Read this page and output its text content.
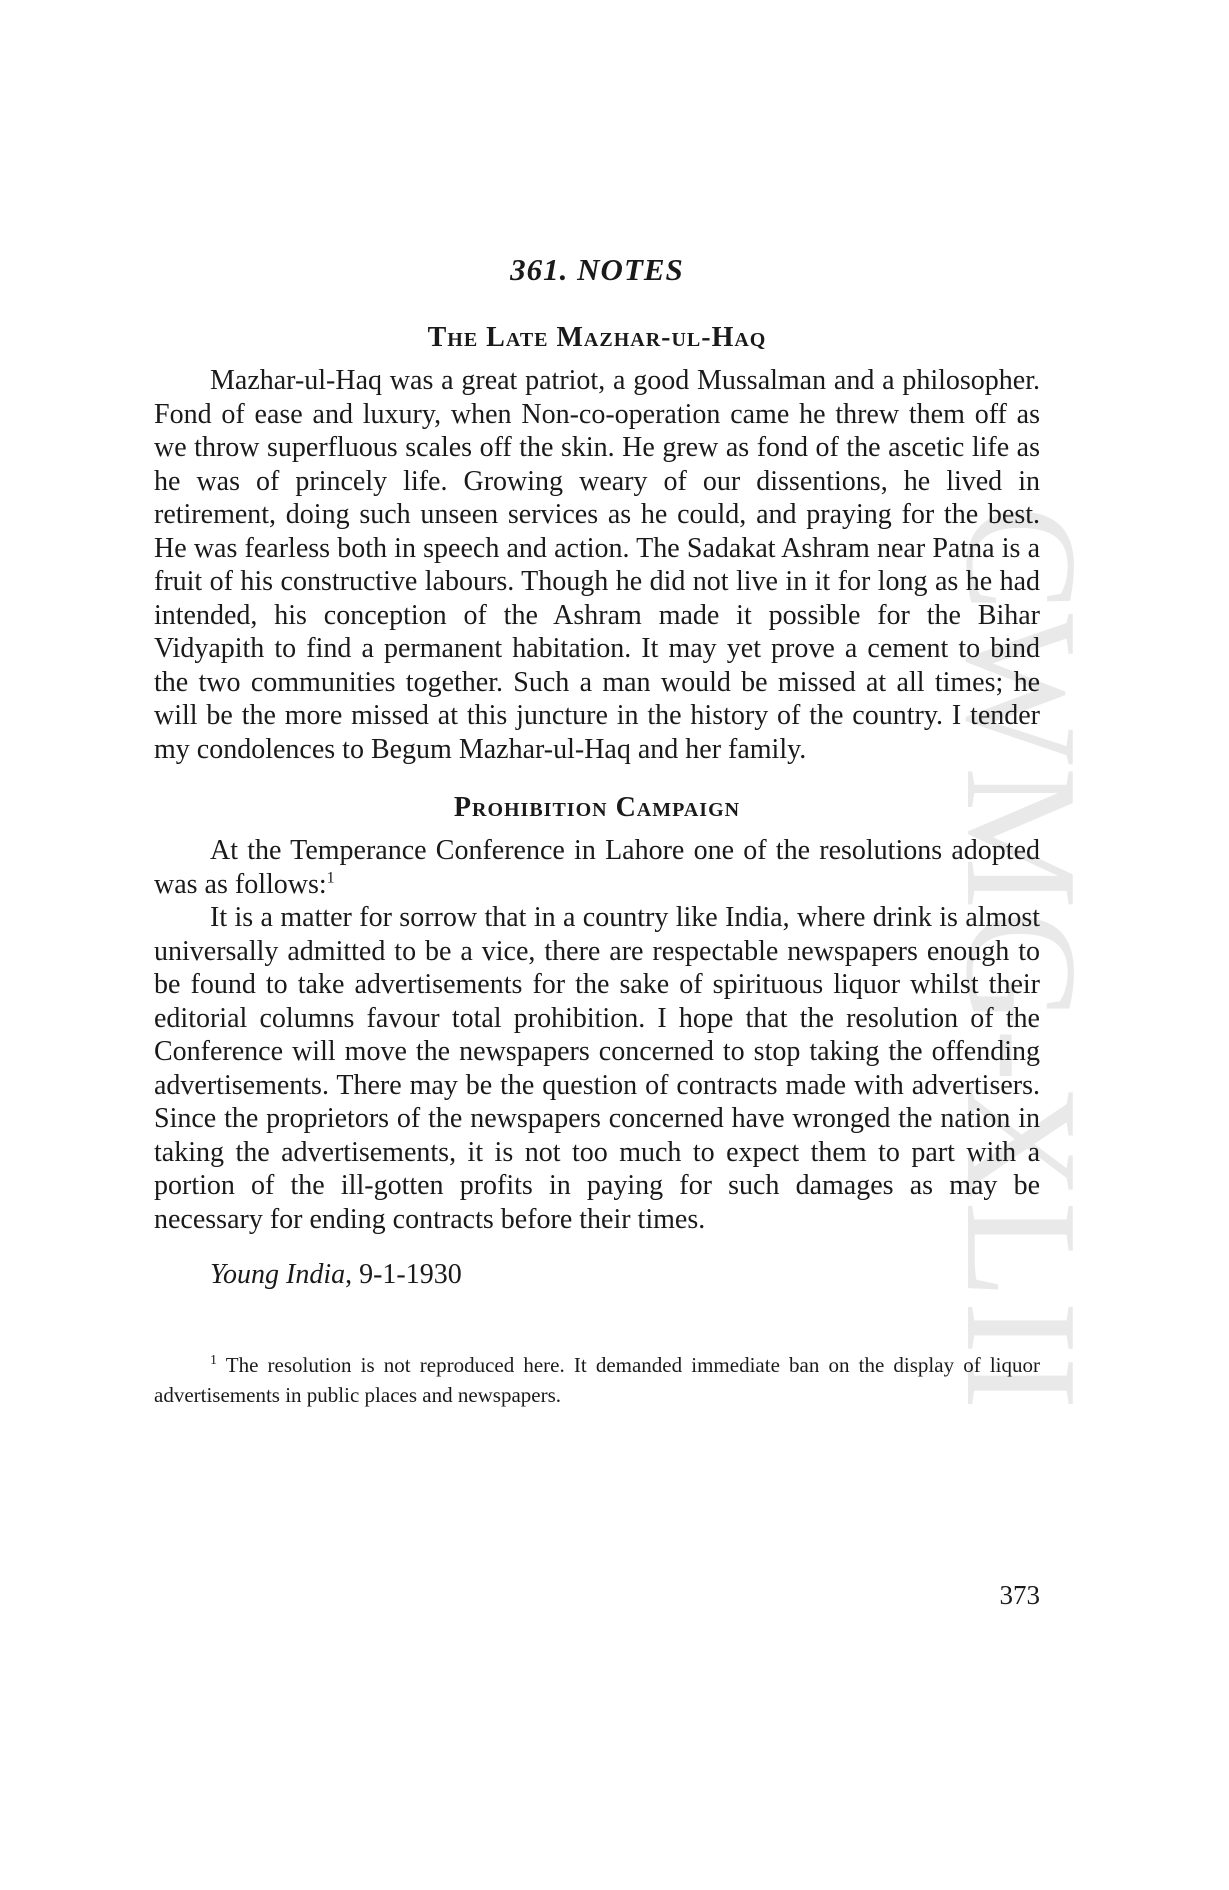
CWMG-XLII
361. NOTES
The Late Mazhar-ul-Haq

Mazhar-ul-Haq was a great patriot, a good Mussalman and a philosopher. Fond of ease and luxury, when Non-co-operation came he threw them off as we throw superfluous scales off the skin. He grew as fond of the ascetic life as he was of princely life. Growing weary of our dissentions, he lived in retirement, doing such unseen services as he could, and praying for the best. He was fearless both in speech and action. The Sadakat Ashram near Patna is a fruit of his constructive labours. Though he did not live in it for long as he had intended, his conception of the Ashram made it possible for the Bihar Vidyapith to find a permanent habitation. It may yet prove a cement to bind the two communities together. Such a man would be missed at all times; he will be the more missed at this juncture in the history of the country. I tender my condolences to Begum Mazhar-ul-Haq and her family.

Prohibition Campaign

At the Temperance Conference in Lahore one of the resolutions adopted was as follows:$^1$

It is a matter for sorrow that in a country like India, where drink is almost universally admitted to be a vice, there are respectable newspapers enough to be found to take advertisements for the sake of spirituous liquor whilst their editorial columns favour total prohibition. I hope that the resolution of the Conference will move the newspapers concerned to stop taking the offending advertisements. There may be the question of contracts made with advertisers. Since the proprietors of the newspapers concerned have wronged the nation in taking the advertisements, it is not too much to expect them to part with a portion of the ill-gotten profits in paying for such damages as may be necessary for ending contracts before their times.

Young India, 9-1-1930

$^1$ The resolution is not reproduced here. It demanded immediate ban on the display of liquor advertisements in public places and newspapers.

373
